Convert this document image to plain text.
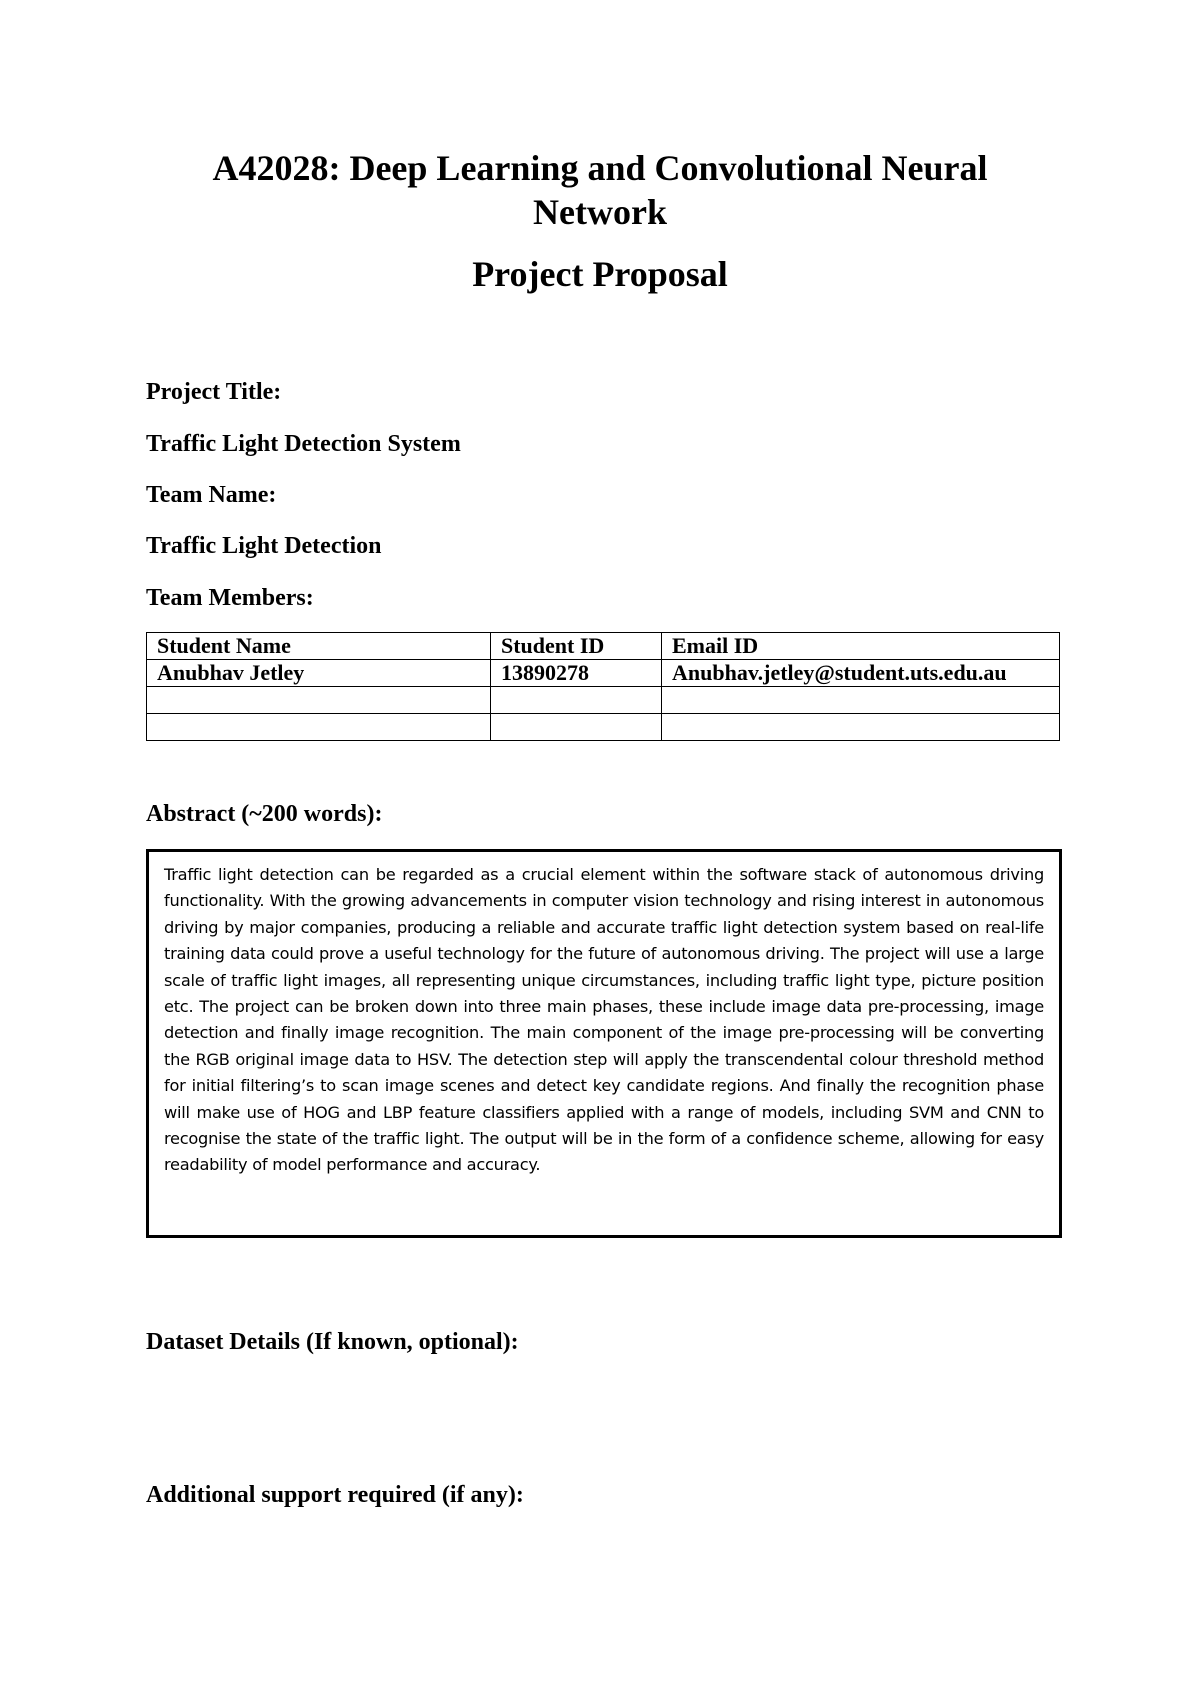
A42028: Deep Learning and Convolutional Neural
Network
Project Proposal

Project Title:

Traffic Light Detection System

Team Name:

Traffic Light Detection

Team Members:

Student Name	Student ID	Email ID
Anubhav Jetley	13890278	Anubhav.jetley@student.uts.edu.au

Abstract (~200 words):

Traffic light detection can be regarded as a crucial element within the software stack of autonomous driving functionality. With the growing advancements in computer vision technology and rising interest in autonomous driving by major companies, producing a reliable and accurate traffic light detection system based on real-life training data could prove a useful technology for the future of autonomous driving. The project will use a large scale of traffic light images, all representing unique circumstances, including traffic light type, picture position etc. The project can be broken down into three main phases, these include image data pre-processing, image detection and finally image recognition. The main component of the image pre-processing will be converting the RGB original image data to HSV. The detection step will apply the transcendental colour threshold method for initial filtering’s to scan image scenes and detect key candidate regions. And finally the recognition phase will make use of HOG and LBP feature classifiers applied with a range of models, including SVM and CNN to recognise the state of the traffic light. The output will be in the form of a confidence scheme, allowing for easy readability of model performance and accuracy.

Dataset Details (If known, optional):

Additional support required (if any):
